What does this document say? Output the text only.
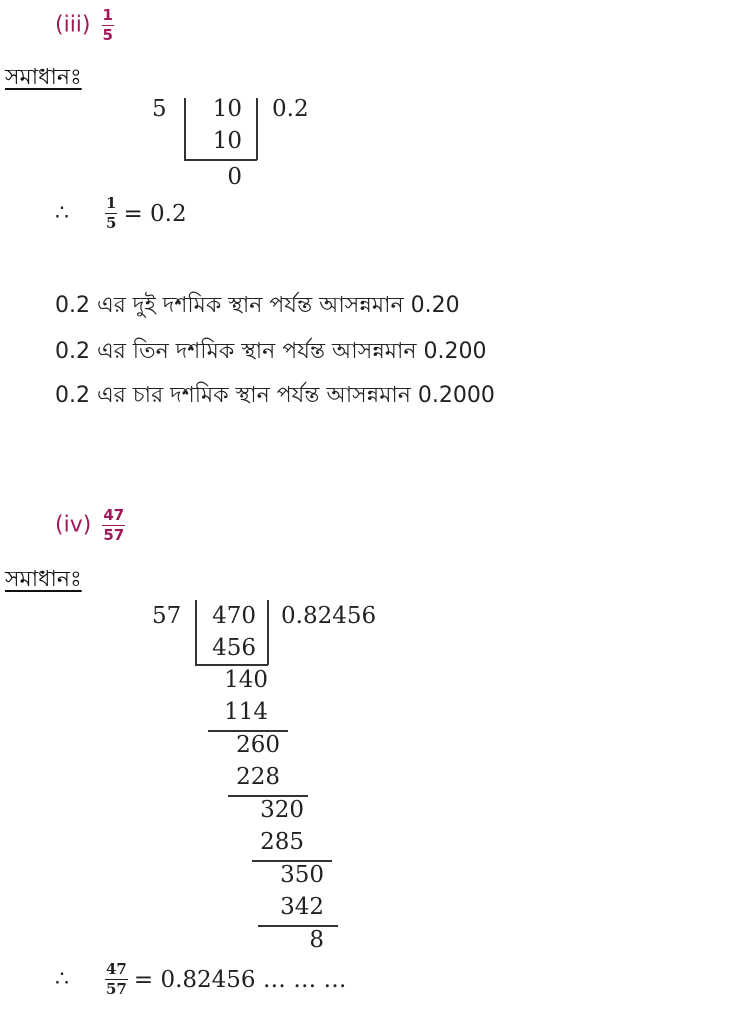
$(iii) \frac{1}{5}$
সমাধানঃ
5	10 0.2
10
0
∴	$\frac{1}{5} = 0.2$
0.2 এর দুই দশমিক স্থান পর্যন্ত আসন্নমান 0.20
0.2 এর তিন দশমিক স্থান পর্যন্ত আসন্নমান 0.200
0.2 এর চার দশমিক স্থান পর্যন্ত আসন্নমান 0.2000
$(iv) \frac{47}{57}$
সমাধানঃ
57	470 0.82456
456
140
114
260
228
320
285
350
342
8
∴	$\frac{47}{57} = 0.82456$ … … …
